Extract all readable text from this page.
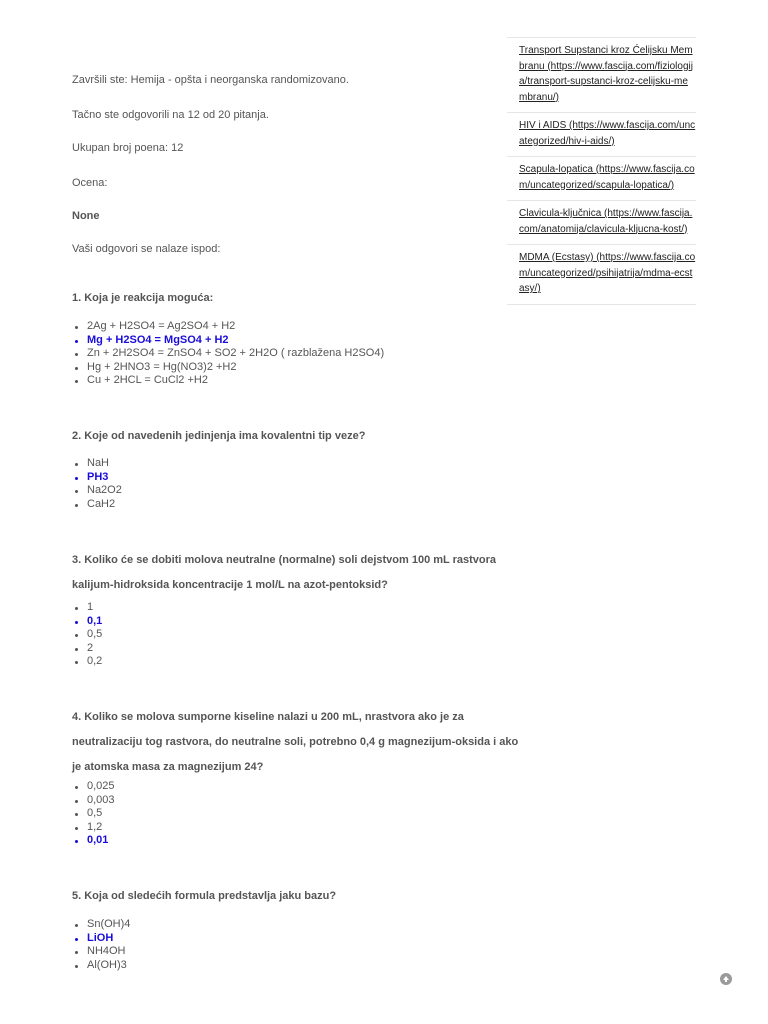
Završili ste: Hemija - opšta i neorganska randomizovano.
Tačno ste odgovorili na 12 od 20 pitanja.
Ukupan broj poena: 12
Ocena:
None
Vaši odgovori se nalaze ispod:
1. Koja je reakcija moguća:
2Ag + H2SO4 = Ag2SO4 + H2
Mg + H2SO4 = MgSO4 + H2
Zn + 2H2SO4 = ZnSO4 + SO2 + 2H2O ( razblažena H2SO4)
Hg + 2HNO3 = Hg(NO3)2 +H2
Cu + 2HCL = CuCl2 +H2
2. Koje od navedenih jedinjenja ima kovalentni tip veze?
NaH
PH3
Na2O2
CaH2
3. Koliko će se dobiti molova neutralne (normalne) soli dejstvom 100 mL rastvora kalijum-hidroksida koncentracije 1 mol/L na azot-pentoksid?
1
0,1
0,5
2
0,2
4. Koliko se molova sumporne kiseline nalazi u 200 mL, nrastvora ako je za neutralizaciju tog rastvora, do neutralne soli, potrebno 0,4 g magnezijum-oksida i ako je atomska masa za magnezijum 24?
0,025
0,003
0,5
1,2
0,01
5. Koja od sledećih formula predstavlja jaku bazu?
Sn(OH)4
LiOH
NH4OH
Al(OH)3
Transport Supstanci kroz Ćelijsku Membranu (https://www.fascija.com/fiziologija/transport-supstanci-kroz-celijsku-membranu/)
HIV i AIDS (https://www.fascija.com/uncategorized/hiv-i-aids/)
Scapula-lopatica (https://www.fascija.com/uncategorized/scapula-lopatica/)
Clavicula-ključnica (https://www.fascija.com/anatomija/clavicula-kljucna-kost/)
MDMA (Ecstasy) (https://www.fascija.com/uncategorized/psihijatrija/mdma-ecstasy/)
